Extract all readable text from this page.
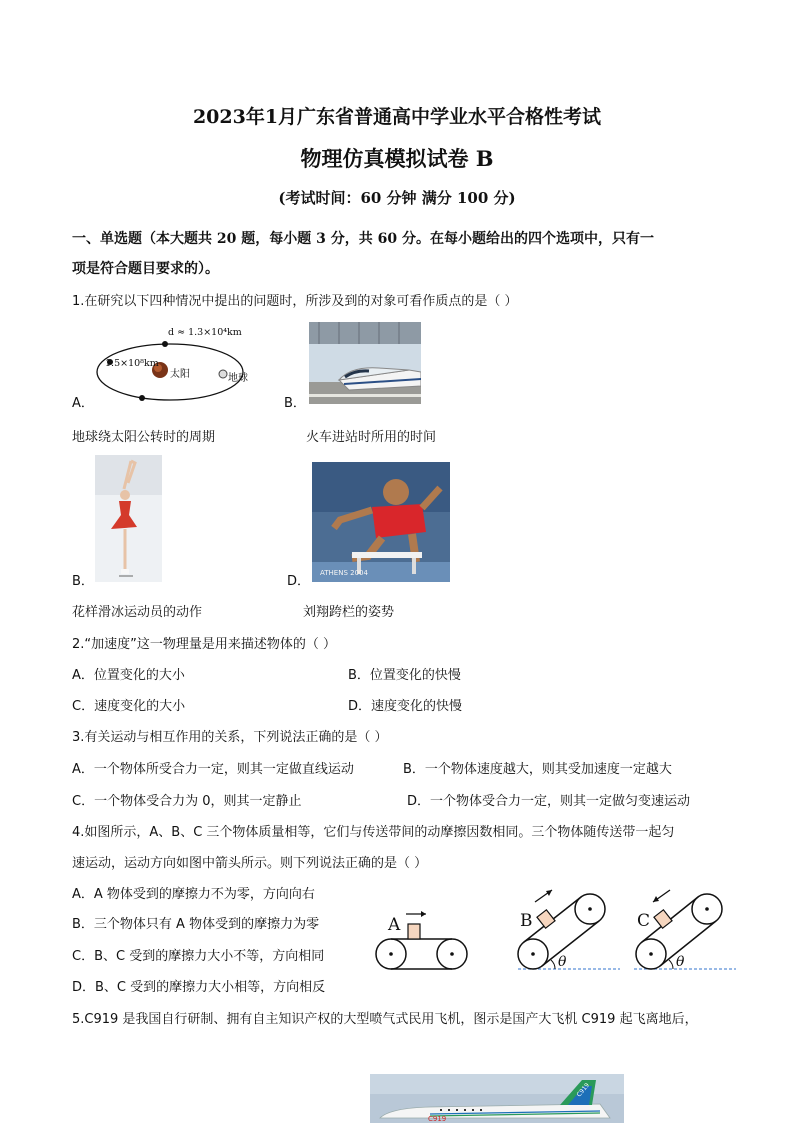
2023年1月广东省普通高中学业水平合格性考试
物理仿真模拟试卷 B
(考试时间：60 分钟 满分 100 分)
一、单选题（本大题共 20 题，每小题 3 分，共 60 分。在每小题给出的四个选项中，只有一
项是符合题目要求的）。
1.在研究以下四种情况中提出的问题时，所涉及到的对象可看作质点的是（ ）
d ≈ 1.3×10⁴km
1.5×10⁸km
太阳	地球
A．	B．
地球绕太阳公转时的周期	火车进站时所用的时间
B．	D．
ATHENS 2004
花样滑冰运动员的动作	刘翔跨栏的姿势
2.“加速度”这一物理量是用来描述物体的（ ）
A．位置变化的大小	B．位置变化的快慢
C．速度变化的大小	D．速度变化的快慢
3.有关运动与相互作用的关系，下列说法正确的是（ ）
A．一个物体所受合力一定，则其一定做直线运动	B．一个物体速度越大，则其受加速度一定越大
C．一个物体受合力为 0，则其一定静止	D．一个物体受合力一定，则其一定做匀变速运动
4.如图所示，A、B、C 三个物体质量相等，它们与传送带间的动摩擦因数相同。三个物体随传送带一起匀
速运动，运动方向如图中箭头所示。则下列说法正确的是（ ）
A．A 物体受到的摩擦力不为零，方向向右
B．三个物体只有 A 物体受到的摩擦力为零
C．B、C 受到的摩擦力大小不等，方向相同
D．B、C 受到的摩擦力大小相等，方向相反
A	B
θ
C
θ
5.C919 是我国自行研制、拥有自主知识产权的大型喷气式民用飞机，图示是国产大飞机 C919 起飞离地后，
C919
C919
